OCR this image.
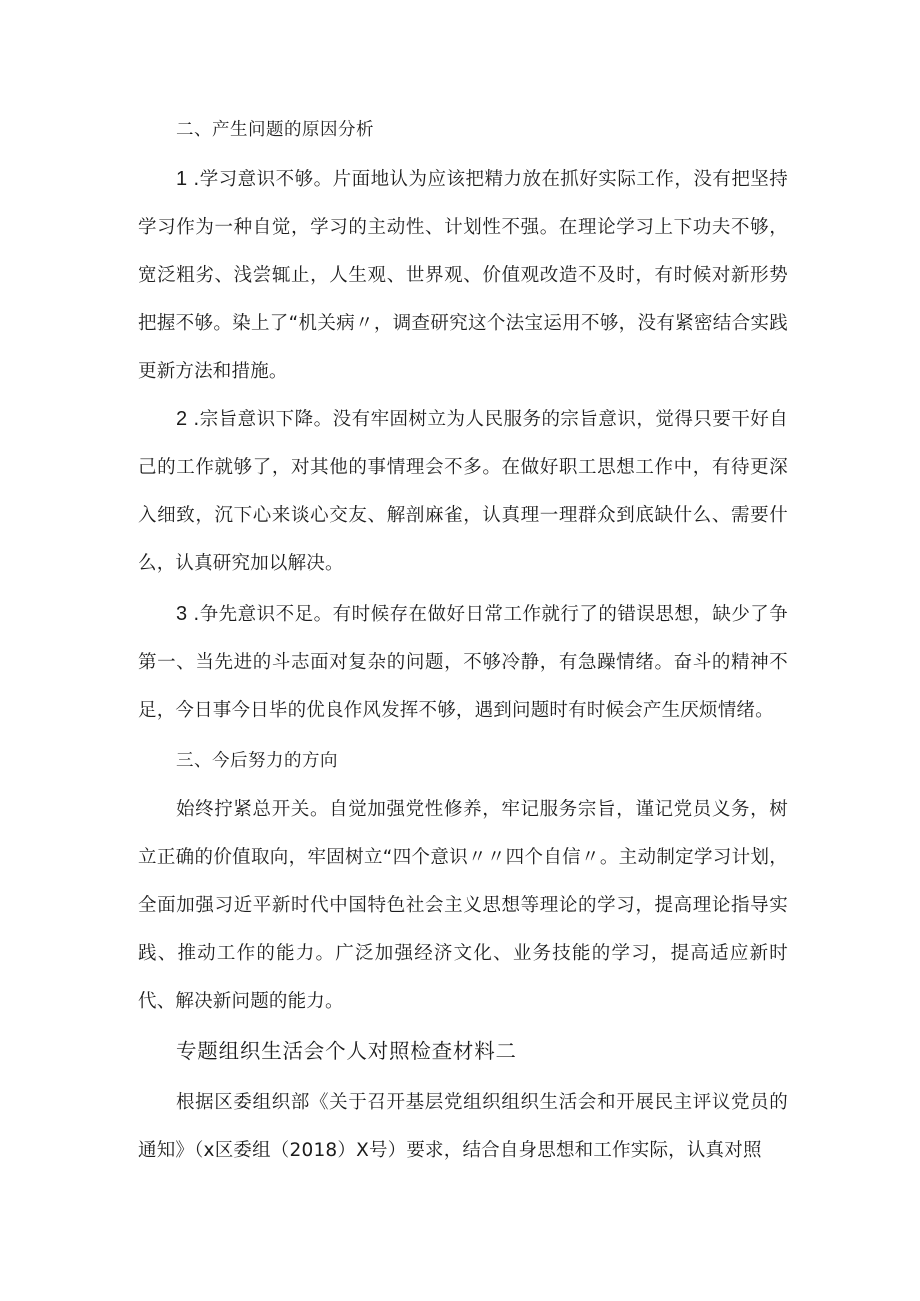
二、产生问题的原因分析

1 .学习意识不够。片面地认为应该把精力放在抓好实际工作，没有把坚持学习作为一种自觉，学习的主动性、计划性不强。在理论学习上下功夫不够，宽泛粗劣、浅尝辄止，人生观、世界观、价值观改造不及时，有时候对新形势把握不够。染上了“机关病〃，调查研究这个法宝运用不够，没有紧密结合实践更新方法和措施。

2 .宗旨意识下降。没有牢固树立为人民服务的宗旨意识，觉得只要干好自己的工作就够了，对其他的事情理会不多。在做好职工思想工作中，有待更深入细致，沉下心来谈心交友、解剖麻雀，认真理一理群众到底缺什么、需要什么，认真研究加以解决。

3 .争先意识不足。有时候存在做好日常工作就行了的错误思想，缺少了争第一、当先进的斗志面对复杂的问题，不够冷静，有急躁情绪。奋斗的精神不足，今日事今日毕的优良作风发挥不够，遇到问题时有时候会产生厌烦情绪。

三、今后努力的方向

始终拧紧总开关。自觉加强党性修养，牢记服务宗旨，谨记党员义务，树立正确的价值取向，牢固树立“四个意识〃〃四个自信〃。主动制定学习计划，全面加强习近平新时代中国特色社会主义思想等理论的学习，提高理论指导实践、推动工作的能力。广泛加强经济文化、业务技能的学习，提高适应新时代、解决新问题的能力。

专题组织生活会个人对照检查材料二

根据区委组织部《关于召开基层党组织组织生活会和开展民主评议党员的通知》（x区委组（2018）X号）要求，结合自身思想和工作实际，认真对照
